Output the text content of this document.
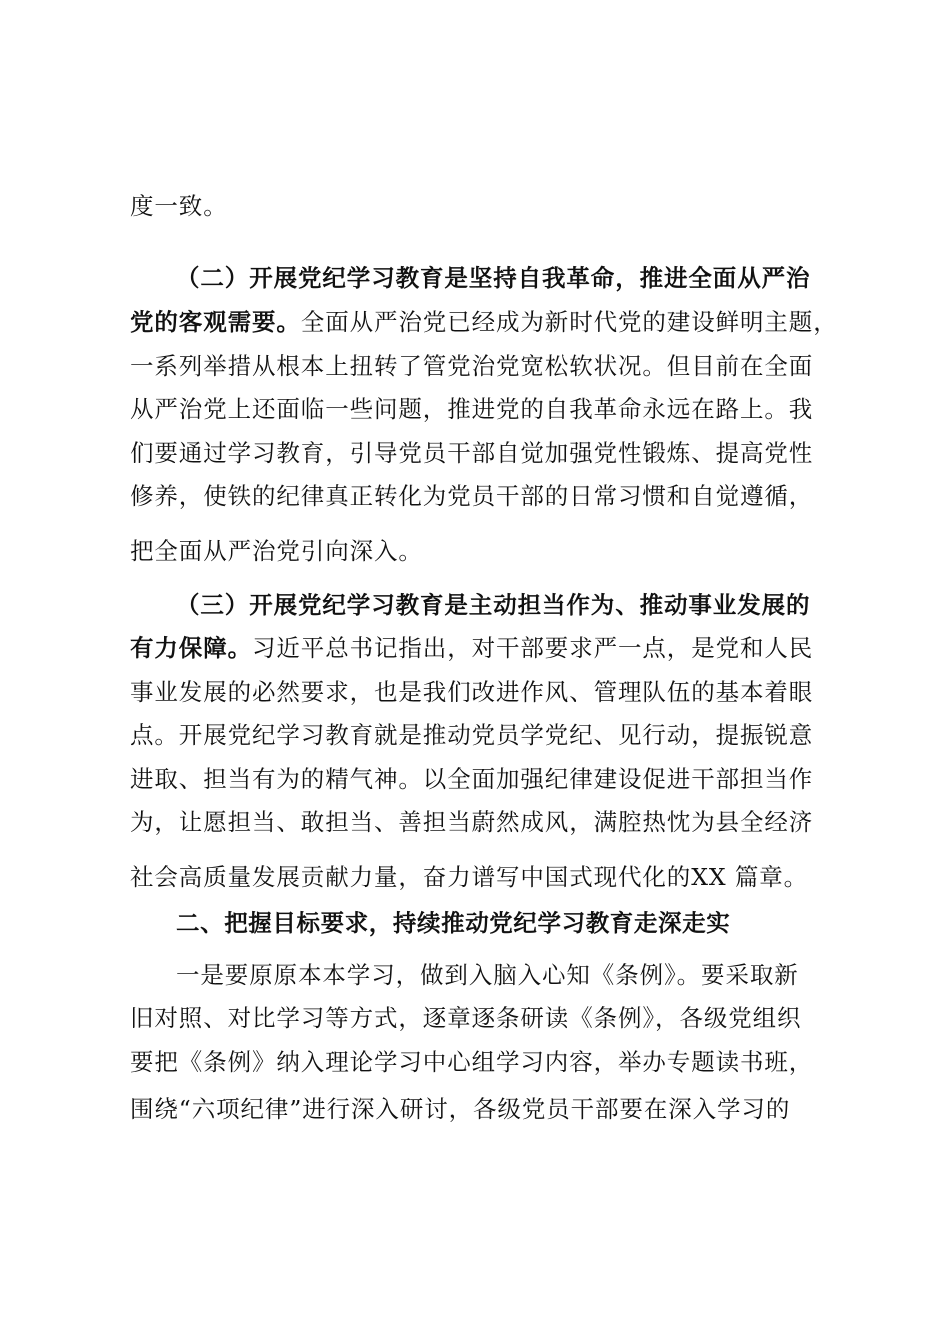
度一致。
（二）开展党纪学习教育是坚持自我革命，推进全面从严治
党的客观需要。全面从严治党已经成为新时代党的建设鲜明主题，
一系列举措从根本上扭转了管党治党宽松软状况。但目前在全面
从严治党上还面临一些问题，推进党的自我革命永远在路上。我
们要通过学习教育，引导党员干部自觉加强党性锻炼、提高党性
修养，使铁的纪律真正转化为党员干部的日常习惯和自觉遵循，
把全面从严治党引向深入。
（三）开展党纪学习教育是主动担当作为、推动事业发展的
有力保障。习近平总书记指出，对干部要求严一点，是党和人民
事业发展的必然要求，也是我们改进作风、管理队伍的基本着眼
点。开展党纪学习教育就是推动党员学党纪、见行动，提振锐意
进取、担当有为的精气神。以全面加强纪律建设促进干部担当作
为，让愿担当、敢担当、善担当蔚然成风，满腔热忱为县全经济
社会高质量发展贡献力量，奋力谱写中国式现代化的XX 篇章。
二、把握目标要求，持续推动党纪学习教育走深走实
一是要原原本本学习，做到入脑入心知《条例》。要采取新
旧对照、对比学习等方式，逐章逐条研读《条例》，各级党组织
要把《条例》纳入理论学习中心组学习内容，举办专题读书班，
围绕“六项纪律”进行深入研讨，各级党员干部要在深入学习的
